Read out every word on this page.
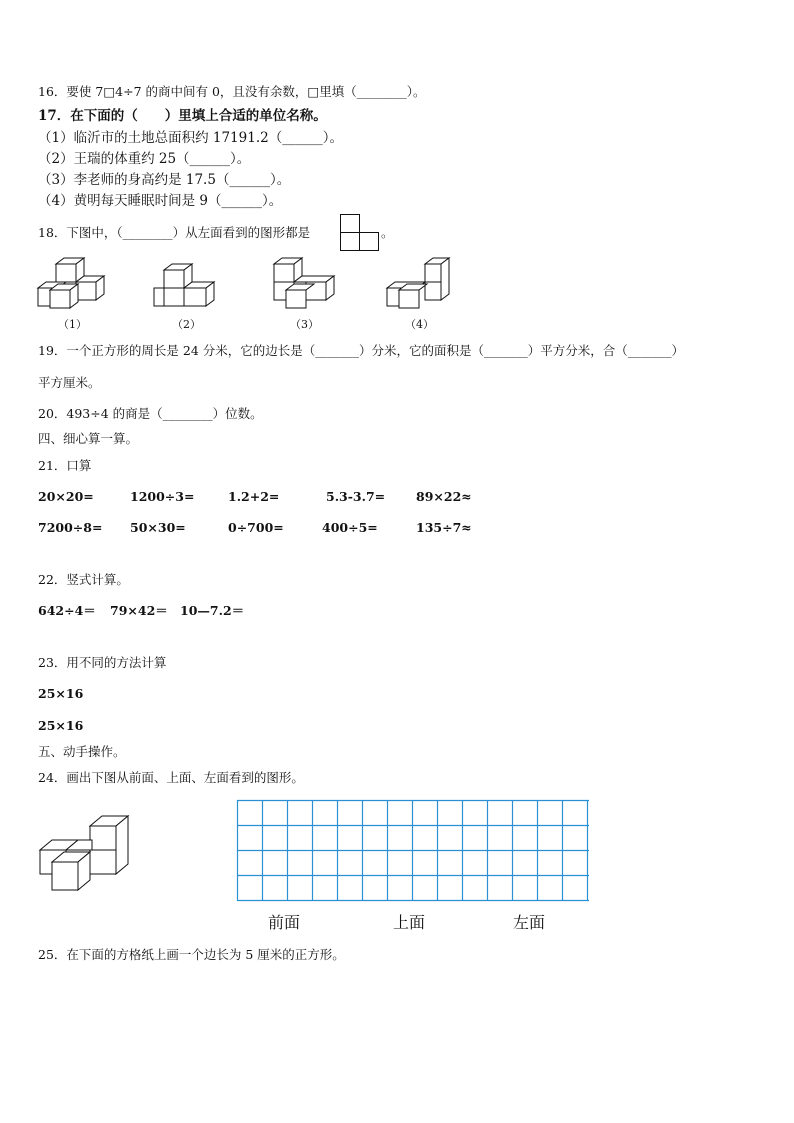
16．要使 7□4÷7 的商中间有 0，且没有余数，□里填（________）。
17．在下面的（　　）里填上合适的单位名称。
（1）临沂市的土地总面积约 17191.2（______）。
（2）王瑞的体重约 25（______）。
（3）李老师的身高约是 17.5（______）。
（4）黄明每天睡眠时间是 9（______）。
18．下图中，（________）从左面看到的图形都是	。
（1）	（2）	（3）	（4）
19．一个正方形的周长是 24 分米，它的边长是（_______）分米，它的面积是（_______）平方分米，合（_______）
平方厘米。
20．493÷4 的商是（________）位数。
四、细心算一算。
21．口算
20×20=	1200÷3=	1.2+2=	5.3-3.7= 89×22≈
7200÷8= 50×30=	0÷700=	400÷5=	135÷7≈
22．竖式计算。
642÷4＝ 79×42＝ 10—7.2＝
23．用不同的方法计算
25×16
25×16
五、动手操作。
24．画出下图从前面、上面、左面看到的图形。
前面	上面	左面
25．在下面的方格纸上画一个边长为 5 厘米的正方形。
